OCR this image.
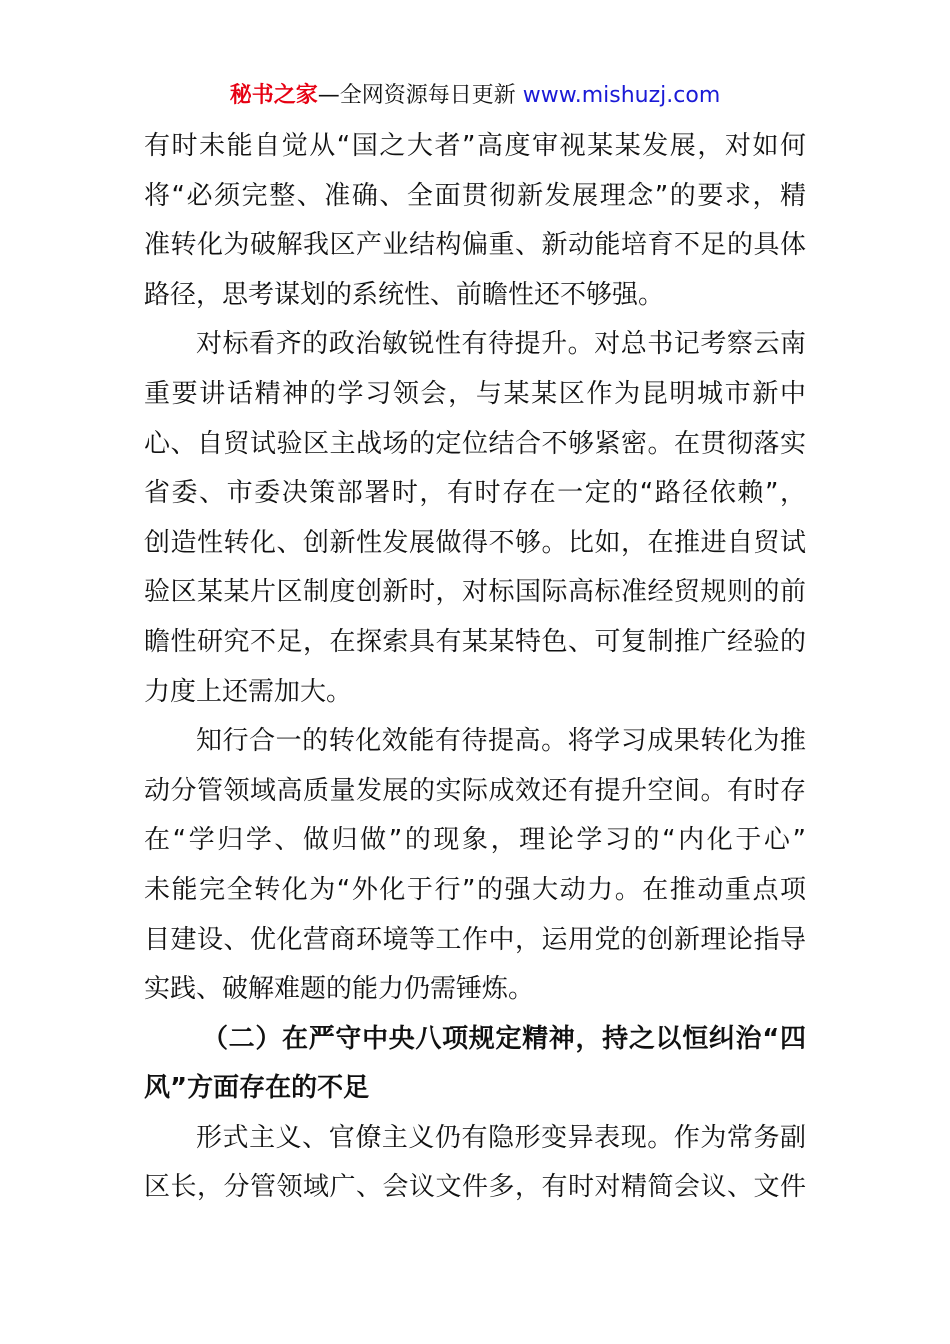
秘书之家—全网资源每日更新 www.mishuzj.com
有时未能自觉从“国之大者”高度审视某某发展，对如何
将“必须完整、准确、全面贯彻新发展理念”的要求，精
准转化为破解我区产业结构偏重、新动能培育不足的具体
路径，思考谋划的系统性、前瞻性还不够强。
对标看齐的政治敏锐性有待提升。对总书记考察云南
重要讲话精神的学习领会，与某某区作为昆明城市新中
心、自贸试验区主战场的定位结合不够紧密。在贯彻落实
省委、市委决策部署时，有时存在一定的“路径依赖”，
创造性转化、创新性发展做得不够。比如，在推进自贸试
验区某某片区制度创新时，对标国际高标准经贸规则的前
瞻性研究不足，在探索具有某某特色、可复制推广经验的
力度上还需加大。
知行合一的转化效能有待提高。将学习成果转化为推
动分管领域高质量发展的实际成效还有提升空间。有时存
在“学归学、做归做”的现象，理论学习的“内化于心”
未能完全转化为“外化于行”的强大动力。在推动重点项
目建设、优化营商环境等工作中，运用党的创新理论指导
实践、破解难题的能力仍需锤炼。
（二）在严守中央八项规定精神，持之以恒纠治“四
风”方面存在的不足
形式主义、官僚主义仍有隐形变异表现。作为常务副
区长，分管领域广、会议文件多，有时对精简会议、文件
